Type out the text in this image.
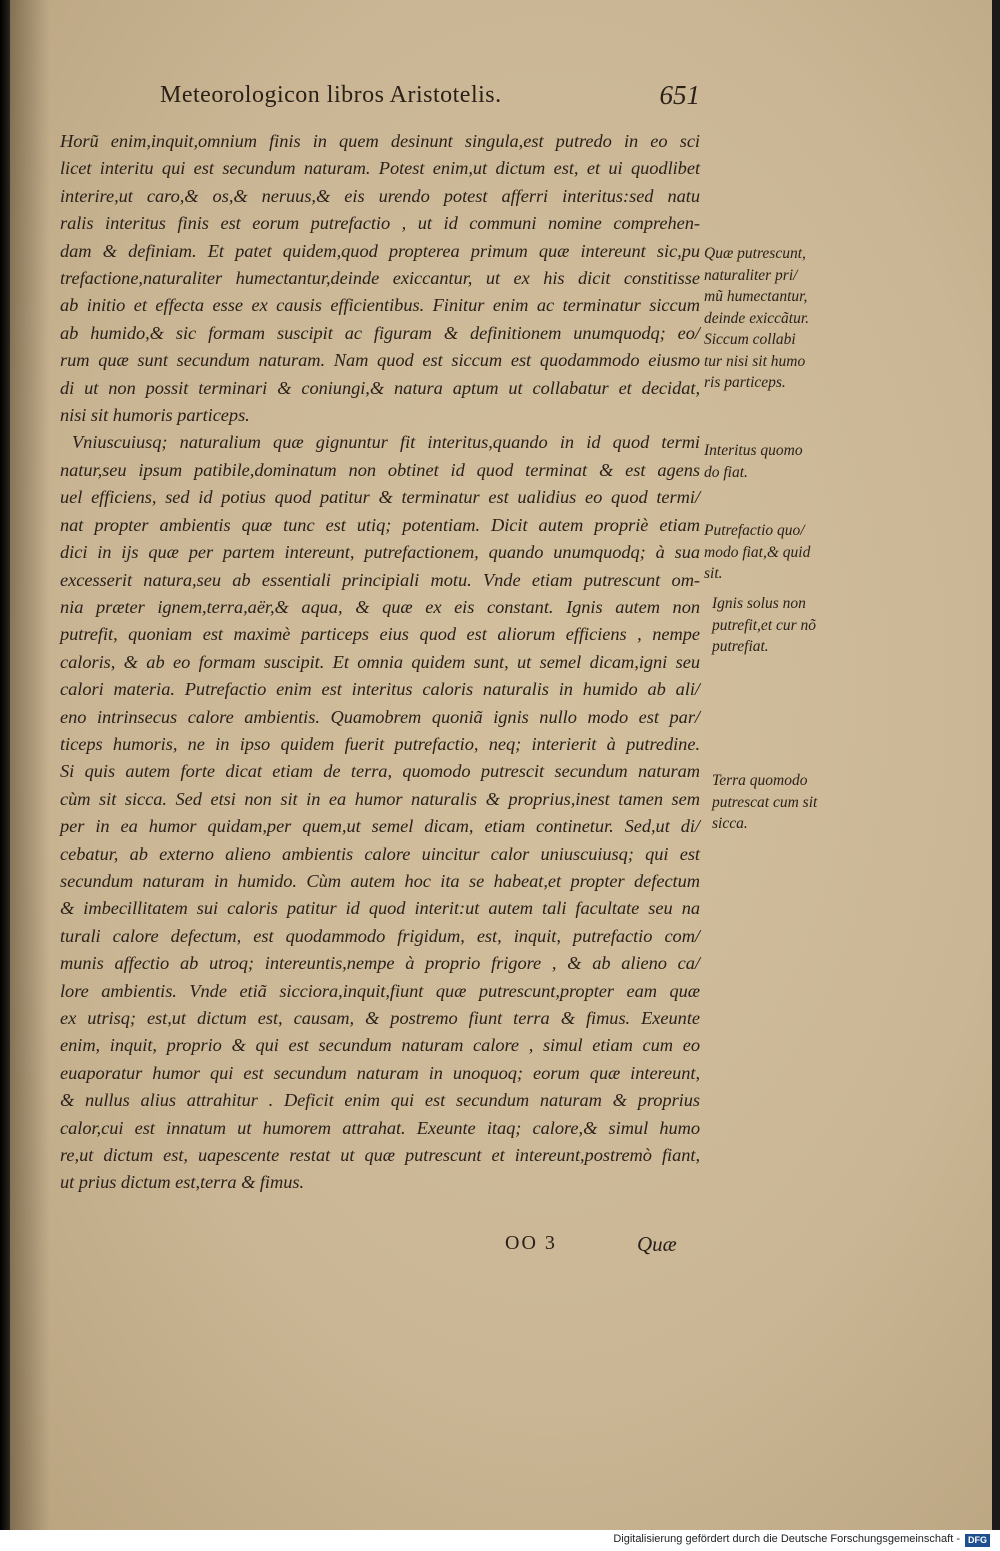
Meteorologicon libros Aristotelis.	651
Horũ enim,inquit,omnium finis in quem desinunt singula,est putredo in eo sci
licet interitu qui est secundum naturam. Potest enim,ut dictum est, et ui quodlibet
interire,ut caro,& os,& neruus,& eis urendo potest afferri interitus:sed natu
ralis interitus finis est eorum putrefactio , ut id communi nomine comprehen-
dam & definiam. Et patet quidem,quod propterea primum quæ intereunt sic,pu
trefactione,naturaliter humectantur,deinde exiccantur, ut ex his dicit constitisse
ab initio et effecta esse ex causis efficientibus. Finitur enim ac terminatur siccum
ab humido,& sic formam suscipit ac figuram & definitionem unumquodq; eo/
rum quæ sunt secundum naturam. Nam quod est siccum est quodammodo eiusmo
di ut non possit terminari & coniungi,& natura aptum ut collabatur et decidat,
nisi sit humoris particeps.
Vniuscuiusq; naturalium quæ gignuntur fit interitus,quando in id quod termi
natur,seu ipsum patibile,dominatum non obtinet id quod terminat & est agens
uel efficiens, sed id potius quod patitur & terminatur est ualidius eo quod termi/
nat propter ambientis quæ tunc est utiq; potentiam. Dicit autem propriè etiam
dici in ijs quæ per partem intereunt, putrefactionem, quando unumquodq; à sua
excesserit natura,seu ab essentiali principiali motu. Vnde etiam putrescunt om-
nia præter ignem,terra,aër,& aqua, & quæ ex eis constant. Ignis autem non
putrefit, quoniam est maximè particeps eius quod est aliorum efficiens , nempe
caloris, & ab eo formam suscipit. Et omnia quidem sunt, ut semel dicam,igni seu
calori materia. Putrefactio enim est interitus caloris naturalis in humido ab ali/
eno intrinsecus calore ambientis. Quamobrem quoniã ignis nullo modo est par/
ticeps humoris, ne in ipso quidem fuerit putrefactio, neq; interierit à putredine.
Si quis autem forte dicat etiam de terra, quomodo putrescit secundum naturam
cùm sit sicca. Sed etsi non sit in ea humor naturalis & proprius,inest tamen sem
per in ea humor quidam,per quem,ut semel dicam, etiam continetur. Sed,ut di/
cebatur, ab externo alieno ambientis calore uincitur calor uniuscuiusq; qui est
secundum naturam in humido. Cùm autem hoc ita se habeat,et propter defectum
& imbecillitatem sui caloris patitur id quod interit:ut autem tali facultate seu na
turali calore defectum, est quodammodo frigidum, est, inquit, putrefactio com/
munis affectio ab utroq; intereuntis,nempe à proprio frigore , & ab alieno ca/
lore ambientis. Vnde etiã sicciora,inquit,fiunt quæ putrescunt,propter eam quæ
ex utrisq; est,ut dictum est, causam, & postremo fiunt terra & fimus. Exeunte
enim, inquit, proprio & qui est secundum naturam calore , simul etiam cum eo
euaporatur humor qui est secundum naturam in unoquoq; eorum quæ intereunt,
& nullus alius attrahitur . Deficit enim qui est secundum naturam & proprius
calor,cui est innatum ut humorem attrahat. Exeunte itaq; calore,& simul humo
re,ut dictum est, uapescente restat ut quæ putrescunt et intereunt,postremò fiant,
ut prius dictum est,terra & fimus.
Quæ putrescunt,
naturaliter pri/
mũ humectantur,
deinde exiccãtur.
Siccum collabi
tur nisi sit humo
ris particeps.
Interitus quomo
do fiat.
Putrefactio quo/
modo fiat,& quid
sit.
Ignis solus non
putrefit,et cur nõ
putrefiat.
Terra quomodo
putrescat cum sit
sicca.
OO 3	Quæ
Digitalisierung gefördert durch die Deutsche Forschungsgemeinschaft - DFG
